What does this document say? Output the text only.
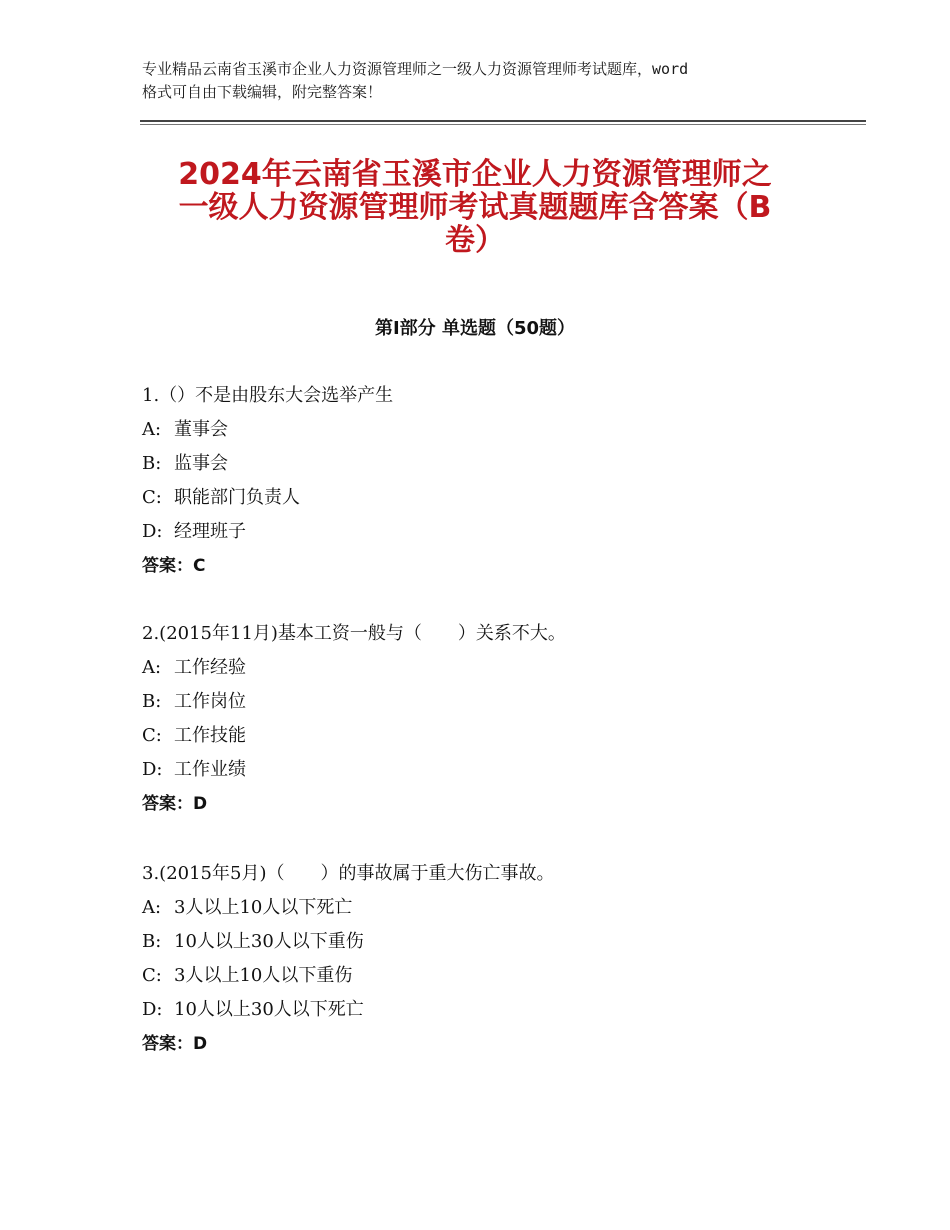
专业精品云南省玉溪市企业人力资源管理师之一级人力资源管理师考试题库，word
格式可自由下载编辑，附完整答案！
2024年云南省玉溪市企业人力资源管理师之
一级人力资源管理师考试真题题库含答案（B
卷）
第Ⅰ部分 单选题（50题）
1.（）不是由股东大会选举产生
A: 董事会
B: 监事会
C: 职能部门负责人
D: 经理班子
答案：C
2.(2015年11月)基本工资一般与（　　）关系不大。
A: 工作经验
B: 工作岗位
C: 工作技能
D: 工作业绩
答案：D
3.(2015年5月)（　　）的事故属于重大伤亡事故。
A: 3人以上10人以下死亡
B: 10人以上30人以下重伤
C: 3人以上10人以下重伤
D: 10人以上30人以下死亡
答案：D
